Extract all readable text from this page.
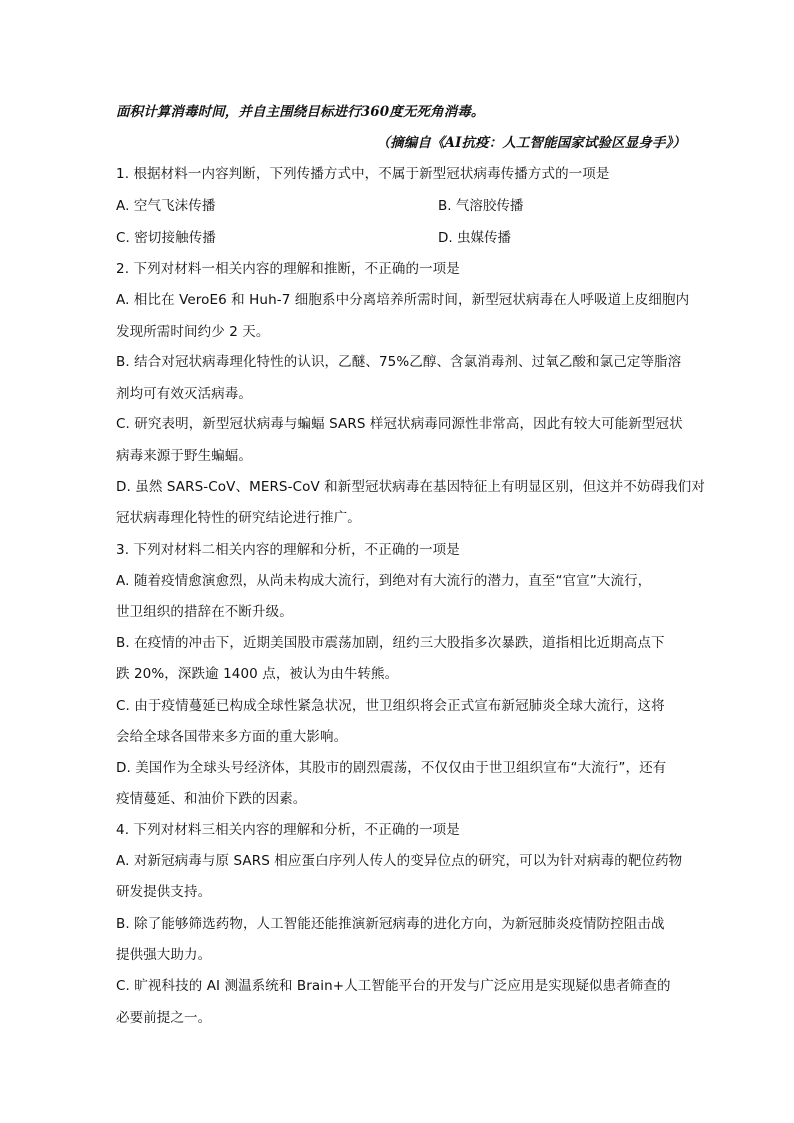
面积计算消毒时间，并自主围绕目标进行360度无死角消毒。
（摘编自《AI抗疫：人工智能国家试验区显身手》）
1. 根据材料一内容判断，下列传播方式中，不属于新型冠状病毒传播方式的一项是
A. 空气飞沫传播	B. 气溶胶传播
C. 密切接触传播	D. 虫媒传播
2. 下列对材料一相关内容的理解和推断，不正确的一项是
A. 相比在 VeroE6 和 Huh-7 细胞系中分离培养所需时间，新型冠状病毒在人呼吸道上皮细胞内
发现所需时间约少 2 天。
B. 结合对冠状病毒理化特性的认识，乙醚、75%乙醇、含氯消毒剂、过氧乙酸和氯己定等脂溶
剂均可有效灭活病毒。
C. 研究表明，新型冠状病毒与蝙蝠 SARS 样冠状病毒同源性非常高，因此有较大可能新型冠状
病毒来源于野生蝙蝠。
D. 虽然 SARS-CoV、MERS-CoV 和新型冠状病毒在基因特征上有明显区别，但这并不妨碍我们对
冠状病毒理化特性的研究结论进行推广。
3. 下列对材料二相关内容的理解和分析，不正确的一项是
A. 随着疫情愈演愈烈，从尚未构成大流行，到绝对有大流行的潜力，直至“官宣”大流行，
世卫组织的措辞在不断升级。
B. 在疫情的冲击下，近期美国股市震荡加剧，纽约三大股指多次暴跌，道指相比近期高点下
跌 20%，深跌逾 1400 点，被认为由牛转熊。
C. 由于疫情蔓延已构成全球性紧急状况，世卫组织将会正式宣布新冠肺炎全球大流行，这将
会给全球各国带来多方面的重大影响。
D. 美国作为全球头号经济体，其股市的剧烈震荡，不仅仅由于世卫组织宣布“大流行”，还有
疫情蔓延、和油价下跌的因素。
4. 下列对材料三相关内容的理解和分析，不正确的一项是
A. 对新冠病毒与原 SARS 相应蛋白序列人传人的变异位点的研究，可以为针对病毒的靶位药物
研发提供支持。
B. 除了能够筛选药物，人工智能还能推演新冠病毒的进化方向，为新冠肺炎疫情防控阻击战
提供强大助力。
C. 旷视科技的 AI 测温系统和 Brain+人工智能平台的开发与广泛应用是实现疑似患者筛查的
必要前提之一。
